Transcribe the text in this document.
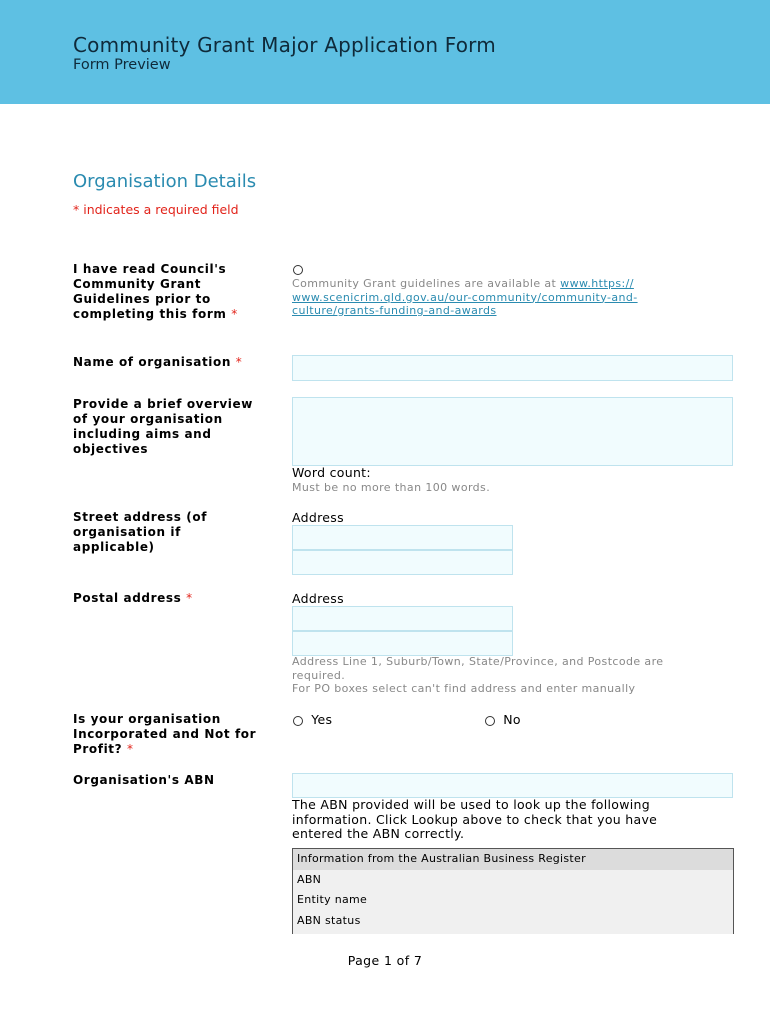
Community Grant Major Application Form
Form Preview
Organisation Details
* indicates a required field
I have read Council's Community Grant Guidelines prior to completing this form *
Community Grant guidelines are available at www.https:// www.scenicrim.qld.gov.au/our-community/community-and-culture/grants-funding-and-awards
Name of organisation *
Provide a brief overview of your organisation including aims and objectives
Word count:
Must be no more than 100 words.
Street address (of organisation if applicable)
Address
Postal address *	Address
Address Line 1, Suburb/Town, State/Province, and Postcode are required.
For PO boxes select can't find address and enter manually
Is your organisation Incorporated and Not for Profit? *
Yes	No
Organisation's ABN
The ABN provided will be used to look up the following information. Click Lookup above to check that you have entered the ABN correctly.
Information from the Australian Business Register
ABN
Entity name
ABN status
Page 1 of 7
